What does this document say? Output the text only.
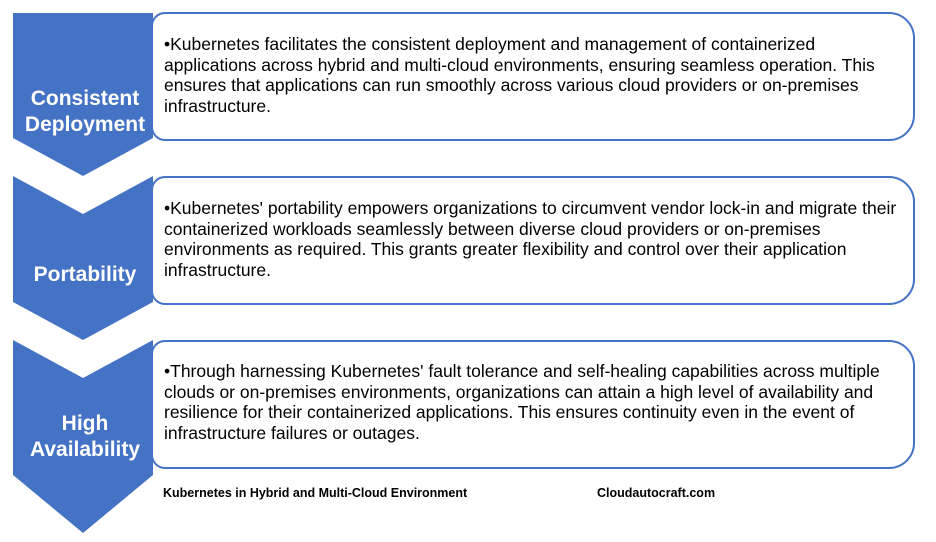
Consistent
Deployment
Portability
High
Availability
•Kubernetes facilitates the consistent deployment and management of containerized applications across hybrid and multi-cloud environments, ensuring seamless operation. This ensures that applications can run smoothly across various cloud providers or on-premises infrastructure.
•Kubernetes' portability empowers organizations to circumvent vendor lock-in and migrate their containerized workloads seamlessly between diverse cloud providers or on-premises environments as required. This grants greater flexibility and control over their application infrastructure.
•Through harnessing Kubernetes' fault tolerance and self-healing capabilities across multiple clouds or on-premises environments, organizations can attain a high level of availability and resilience for their containerized applications. This ensures continuity even in the event of infrastructure failures or outages.
Kubernetes in Hybrid and Multi-Cloud Environment	Cloudautocraft.com
